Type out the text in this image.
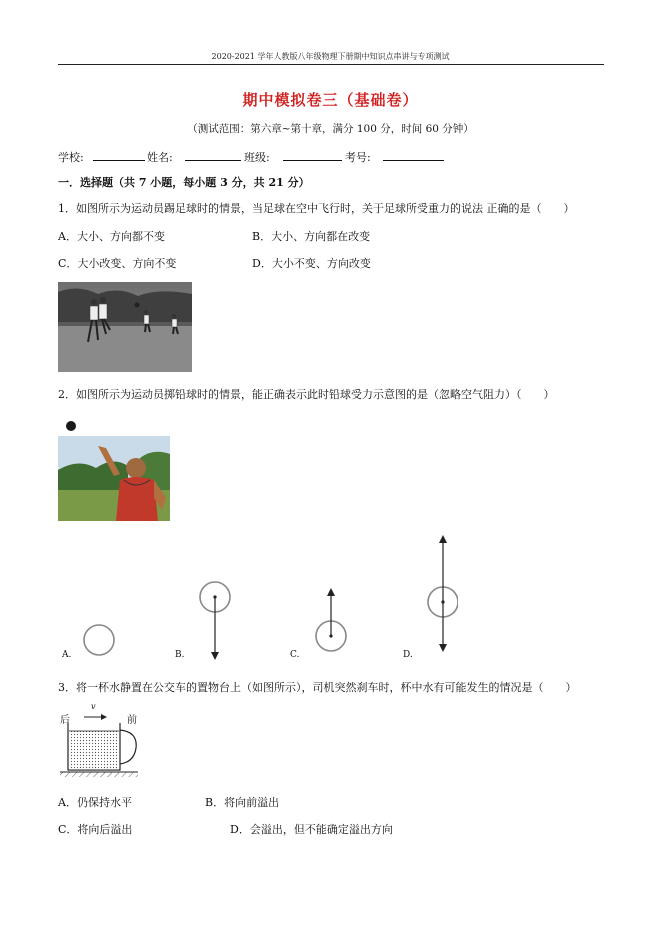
2020-2021 学年人教版八年级物理下册期中知识点串讲与专项测试
期中模拟卷三（基础卷）
（测试范围：第六章~第十章，满分 100 分，时间 60 分钟）
学校:	姓名:	班级:	考号:
一．选择题（共 7 小题，每小题 3 分，共 21 分）
1．如图所示为运动员踢足球时的情景，当足球在空中飞行时，关于足球所受重力的说法 正确的是（　　）
A．大小、方向都不变	B．大小、方向都在改变
C．大小改变、方向不变	D．大小不变、方向改变
2．如图所示为运动员掷铅球时的情景，能正确表示此时铅球受力示意图的是（忽略空气阻力）（　　）
A.	B.	C.	D.
3．将一杯水静置在公交车的置物台上（如图所示），司机突然刹车时，杯中水有可能发生的情况是（　　）
后	前
v
A．仍保持水平	B．将向前溢出
C．将向后溢出	D．会溢出，但不能确定溢出方向
